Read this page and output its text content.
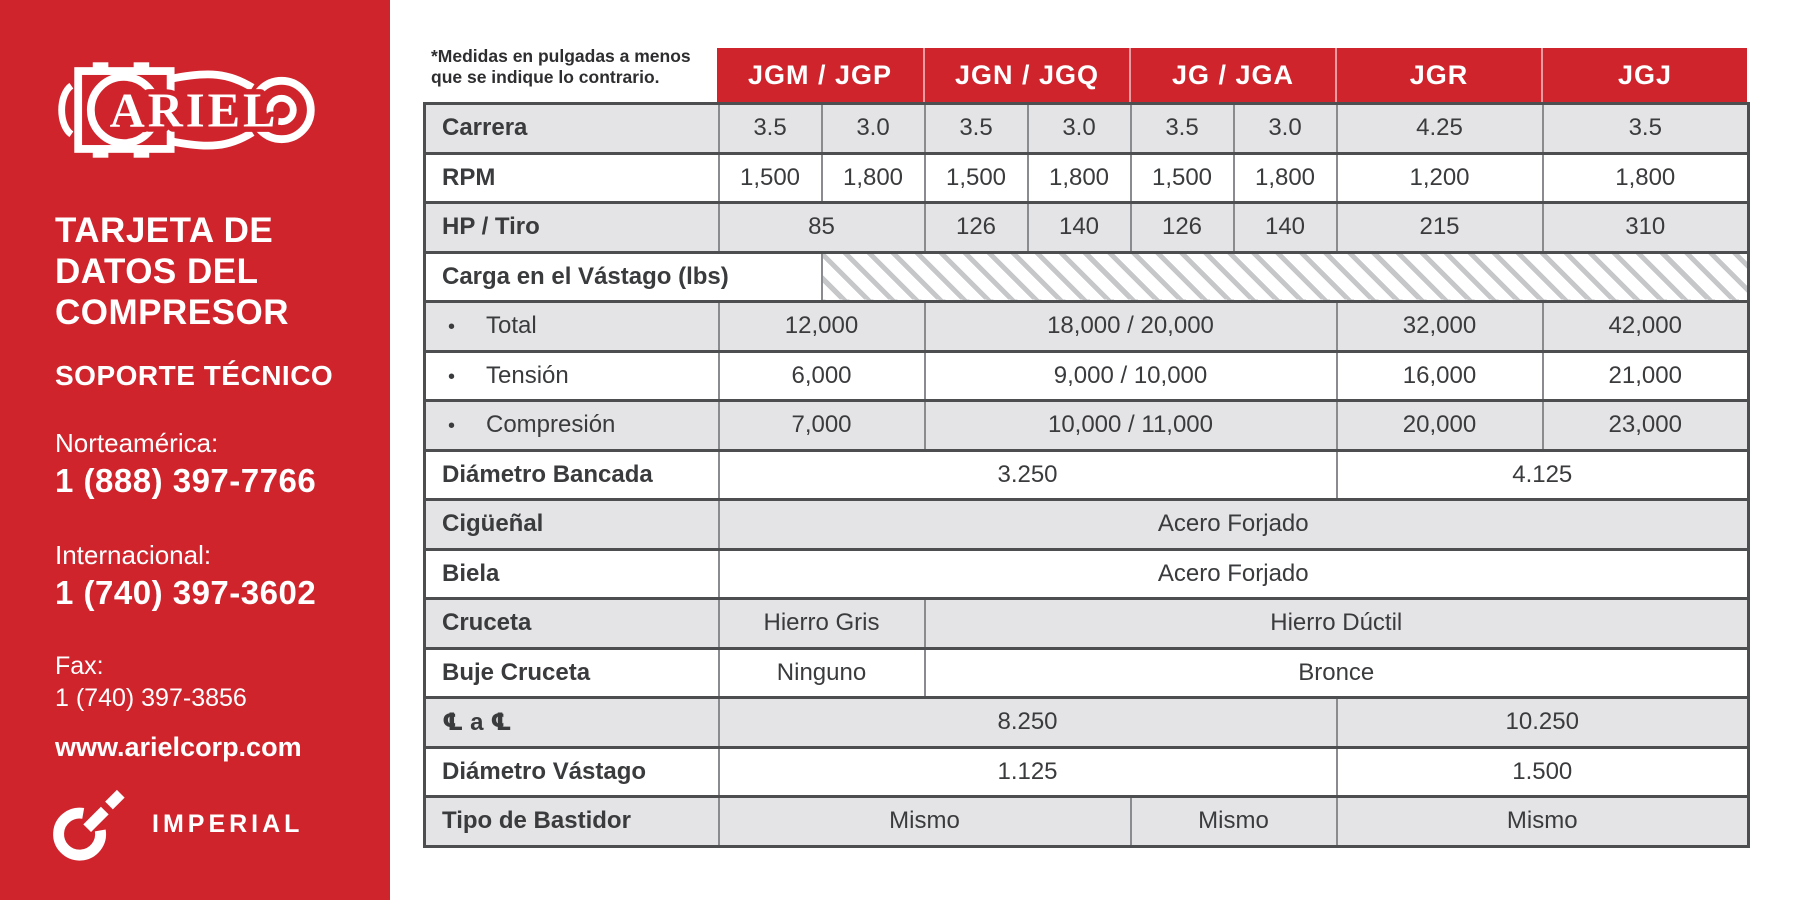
ARIEL
TARJETA DE
DATOS DEL
COMPRESOR
SOPORTE TÉCNICO
Norteamérica:
1 (888) 397-7766
Internacional:
1 (740) 397-3602
Fax:
1 (740) 397-3856
www.arielcorp.com
IMPERIAL
*Medidas en pulgadas a menos
que se indique lo contrario.	JGM / JGP	JGN / JGQ	JG / JGA	JGR	JGJ
Carrera	3.5	3.0	3.5	3.0	3.5	3.0	4.25	3.5
RPM	1,500	1,800	1,500	1,800	1,500	1,800	1,200	1,800
HP / Tiro	85		126	140	126	140	215	310
Carga en el Vástago (lbs)								
• Total	12,000		18,000 / 20,000				32,000	42,000
• Tensión	6,000		9,000 / 10,000				16,000	21,000
• Compresión	7,000		10,000 / 11,000				20,000	23,000
Diámetro Bancada	3.250						4.125	
Cigüeñal	Acero Forjado							
Biela	Acero Forjado							
Cruceta	Hierro Gris		Hierro Dúctil					
Buje Cruceta	Ninguno		Bronce					
℄ a ℄	8.250						10.250	
Diámetro Vástago	1.125						1.500	
Tipo de Bastidor	Mismo				Mismo		Mismo	
